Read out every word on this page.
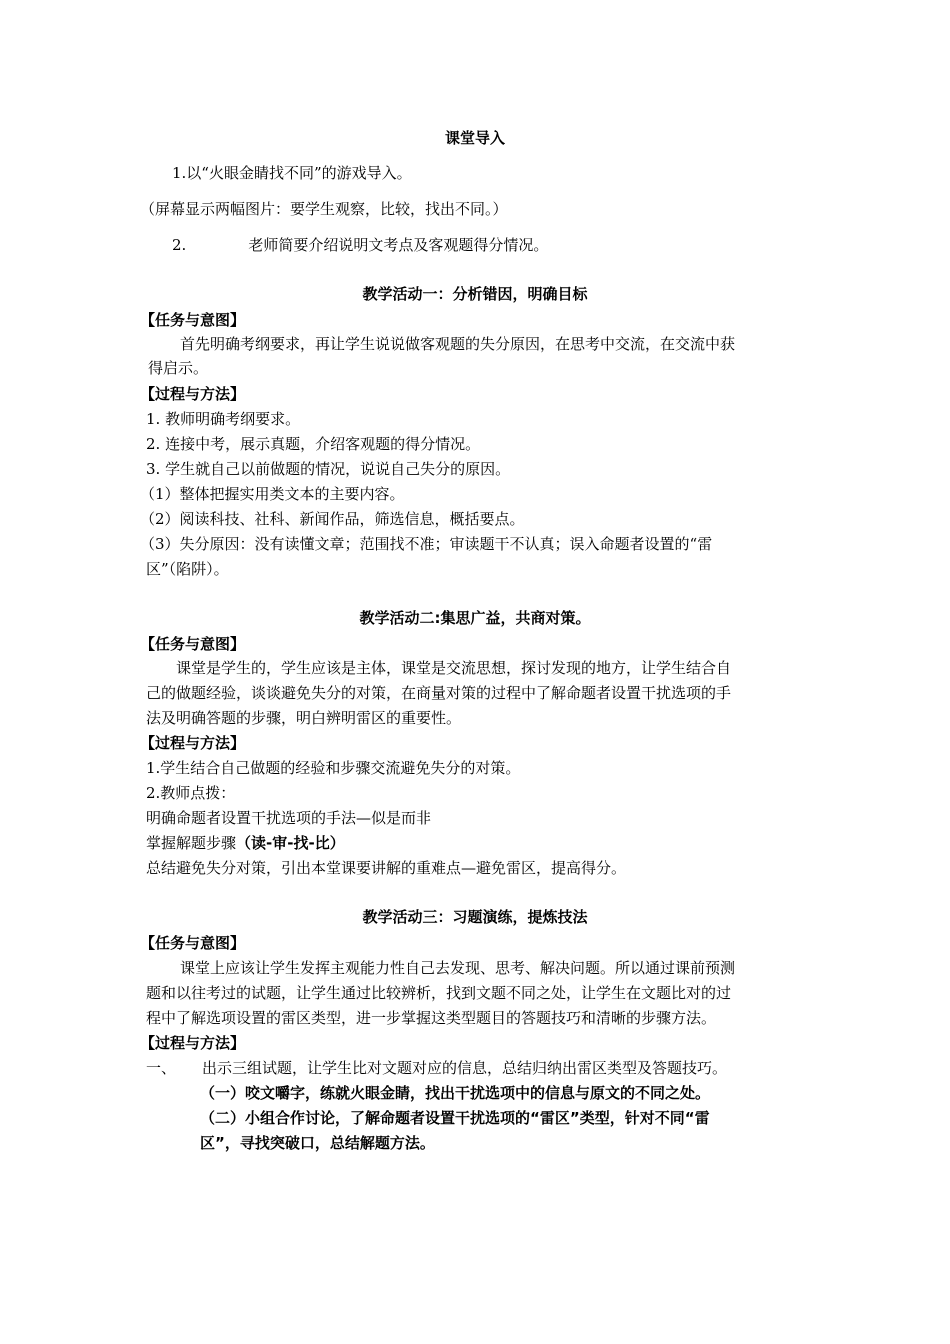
课堂导入
1.以“火眼金睛找不同”的游戏导入。
（屏幕显示两幅图片：要学生观察，比较，找出不同。）
2.	老师简要介绍说明文考点及客观题得分情况。
教学活动一：分析错因，明确目标
【任务与意图】
首先明确考纲要求，再让学生说说做客观题的失分原因，在思考中交流，在交流中获
得启示。
【过程与方法】
1. 教师明确考纲要求。
2. 连接中考，展示真题，介绍客观题的得分情况。
3. 学生就自己以前做题的情况，说说自己失分的原因。
（1）整体把握实用类文本的主要内容。
（2）阅读科技、社科、新闻作品，筛选信息，概括要点。
（3）失分原因：没有读懂文章；范围找不准；审读题干不认真；误入命题者设置的“雷
区”（陷阱）。
教学活动二:集思广益，共商对策。
【任务与意图】
课堂是学生的，学生应该是主体，课堂是交流思想，探讨发现的地方，让学生结合自
己的做题经验，谈谈避免失分的对策，在商量对策的过程中了解命题者设置干扰选项的手
法及明确答题的步骤，明白辨明雷区的重要性。
【过程与方法】
1.学生结合自己做题的经验和步骤交流避免失分的对策。
2.教师点拨：
明确命题者设置干扰选项的手法—似是而非
掌握解题步骤（读-审-找-比）
总结避免失分对策，引出本堂课要讲解的重难点—避免雷区，提高得分。
教学活动三：习题演练，提炼技法
【任务与意图】
课堂上应该让学生发挥主观能力性自己去发现、思考、解决问题。所以通过课前预测
题和以往考过的试题，让学生通过比较辨析，找到文题不同之处，让学生在文题比对的过
程中了解选项设置的雷区类型，进一步掌握这类型题目的答题技巧和清晰的步骤方法。
【过程与方法】
一、 出示三组试题，让学生比对文题对应的信息，总结归纳出雷区类型及答题技巧。
（一）咬文嚼字，练就火眼金睛，找出干扰选项中的信息与原文的不同之处。
（二）小组合作讨论，了解命题者设置干扰选项的“雷区”类型，针对不同“雷
区”，寻找突破口，总结解题方法。
